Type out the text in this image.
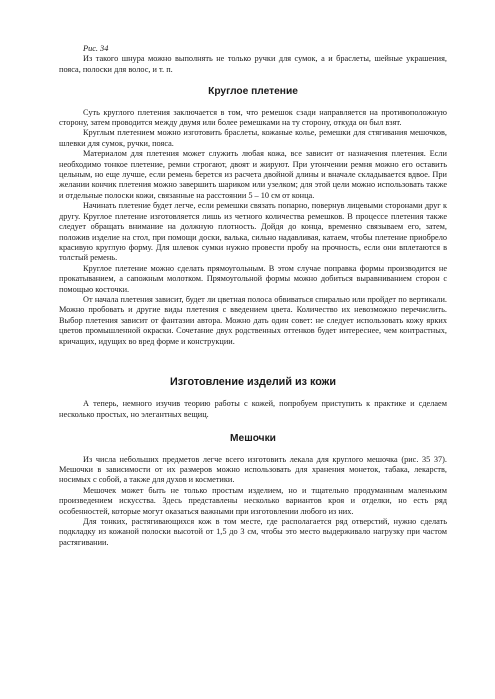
Рис. 34

Из такого шнура можно выполнять не только ручки для сумок, а и браслеты, шейные украшения, пояса, полоски для волос, и т. п.

Круглое плетение

Суть круглого плетения заключается в том, что ремешок сзади направляется на противоположную сторону, затем проводится между двумя или более ремешками на ту сторону, откуда он был взят.

Круглым плетением можно изготовить браслеты, кожаные колье, ремешки для стягивания мешочков, шлевки для сумок, ручки, пояса.

Материалом для плетения может служить любая кожа, все зависит от назначения плетения. Если необходимо тонкое плетение, ремни строгают, двоят и жируют. При утончении ремня можно его оставить цельным, но еще лучше, если ремень берется из расчета двойной длины и вначале складывается вдвое. При желании кончик плетения можно завершить шариком или узелком; для этой цели можно использовать также и отдельные полоски кожи, связанные на расстоянии 5 – 10 см от конца.

Начинать плетение будет легче, если ремешки связать попарно, повернув лицевыми сторонами друг к другу. Круглое плетение изготовляется лишь из четного количества ремешков. В процессе плетения также следует обращать внимание на должную плотность. Дойдя до конца, временно связываем его, затем, положив изделие на стол, при помощи доски, валька, сильно надавливая, катаем, чтобы плетение приобрело красивую круглую форму. Для шлевок сумки нужно провести пробу на прочность, если они вплетаются в толстый ремень.

Круглое плетение можно сделать прямоугольным. В этом случае поправка формы производится не прокатыванием, а сапожным молотком. Прямоугольной формы можно добиться выравниванием сторон с помощью косточки.

От начала плетения зависит, будет ли цветная полоса обвиваться спиралью или пройдет по вертикали. Можно пробовать и другие виды плетения с введением цвета. Количество их невозможно перечислить. Выбор плетения зависит от фантазии автора. Можно дать один совет: не следует использовать кожу ярких цветов промышленной окраски. Сочетание двух родственных оттенков будет интереснее, чем контрастных, кричащих, идущих во вред форме и конструкции.

Изготовление изделий из кожи

А теперь, немного изучив теорию работы с кожей, попробуем приступить к практике и сделаем несколько простых, но элегантных вещиц.

Мешочки

Из числа небольших предметов легче всего изготовить лекала для круглого мешочка (рис. 35 37). Мешочки в зависимости от их размеров можно использовать для хранения монеток, табака, лекарств, носимых с собой, а также для духов и косметики.

Мешочек может быть не только простым изделием, но и тщательно продуманным маленьким произведением искусства. Здесь представлены несколько вариантов кроя и отделки, но есть ряд особенностей, которые могут оказаться важными при изготовлении любого из них.

Для тонких, растягивающихся кож в том месте, где располагается ряд отверстий, нужно сделать подкладку из кожаной полоски высотой от 1,5 до 3 см, чтобы это место выдерживало нагрузку при частом растягивании.
